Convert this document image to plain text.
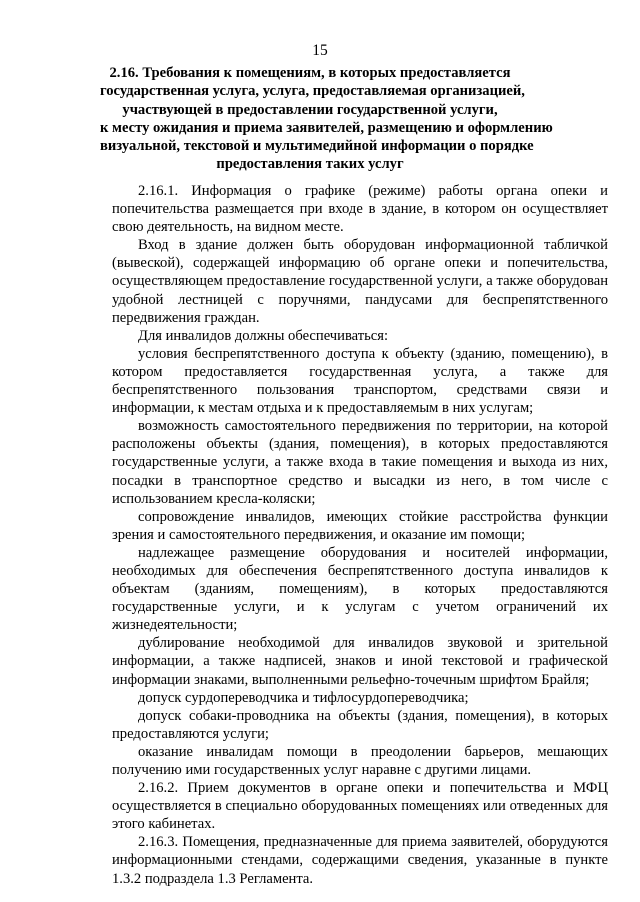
15
2.16. Требования к помещениям, в которых предоставляется
государственная услуга, услуга, предоставляемая организацией,
участвующей в предоставлении государственной услуги,
к месту ожидания и приема заявителей, размещению и оформлению
визуальной, текстовой и мультимедийной информации о порядке
предоставления таких услуг

2.16.1. Информация о графике (режиме) работы органа опеки и попечительства размещается при входе в здание, в котором он осуществляет свою деятельность, на видном месте.

Вход в здание должен быть оборудован информационной табличкой (вывеской), содержащей информацию об органе опеки и попечительства, осуществляющем предоставление государственной услуги, а также оборудован удобной лестницей с поручнями, пандусами для беспрепятственного передвижения граждан.

Для инвалидов должны обеспечиваться:

условия беспрепятственного доступа к объекту (зданию, помещению), в котором предоставляется государственная услуга, а также для беспрепятственного пользования транспортом, средствами связи и информации, к местам отдыха и к предоставляемым в них услугам;

возможность самостоятельного передвижения по территории, на которой расположены объекты (здания, помещения), в которых предоставляются государственные услуги, а также входа в такие помещения и выхода из них, посадки в транспортное средство и высадки из него, в том числе с использованием кресла-коляски;

сопровождение инвалидов, имеющих стойкие расстройства функции зрения и самостоятельного передвижения, и оказание им помощи;

надлежащее размещение оборудования и носителей информации, необходимых для обеспечения беспрепятственного доступа инвалидов к объектам (зданиям, помещениям), в которых предоставляются государственные услуги, и к услугам с учетом ограничений их жизнедеятельности;

дублирование необходимой для инвалидов звуковой и зрительной информации, а также надписей, знаков и иной текстовой и графической информации знаками, выполненными рельефно-точечным шрифтом Брайля;

допуск сурдопереводчика и тифлосурдопереводчика;

допуск собаки-проводника на объекты (здания, помещения), в которых предоставляются услуги;

оказание инвалидам помощи в преодолении барьеров, мешающих получению ими государственных услуг наравне с другими лицами.

2.16.2. Прием документов в органе опеки и попечительства и МФЦ осуществляется в специально оборудованных помещениях или отведенных для этого кабинетах.

2.16.3. Помещения, предназначенные для приема заявителей, оборудуются информационными стендами, содержащими сведения, указанные в пункте 1.3.2 подраздела 1.3 Регламента.
